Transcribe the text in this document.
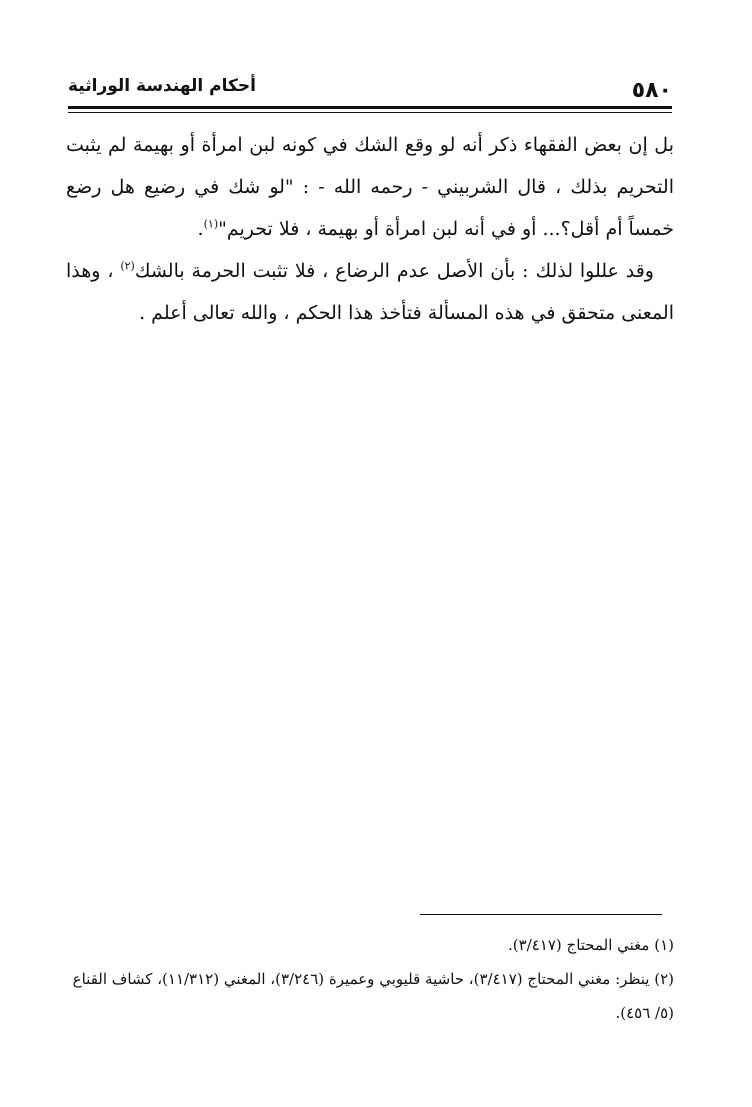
٥٨٠
أحكام الهندسة الوراثية

بل إن بعض الفقهاء ذكر أنه لو وقع الشك في كونه لبن امرأة أو بهيمة لم يثبت التحريم بذلك ، قال الشربيني - رحمه الله - : "لو شك في رضيع هل رضع خمساً أم أقل؟... أو في أنه لبن امرأة أو بهيمة ، فلا تحريم"$^{(١)}$.

وقد عللوا لذلك : بأن الأصل عدم الرضاع ، فلا تثبت الحرمة بالشك$^{(٢)}$ ، وهذا المعنى متحقق في هذه المسألة فتأخذ هذا الحكم ، والله تعالى أعلم .

(١) مغني المحتاج (٣/٤١٧).

(٢) ينظر: مغني المحتاج (٣/٤١٧)، حاشية قليوبي وعميرة (٣/٢٤٦)، المغني (١١/٣١٢)، كشاف القناع (٥/ ٤٥٦).
